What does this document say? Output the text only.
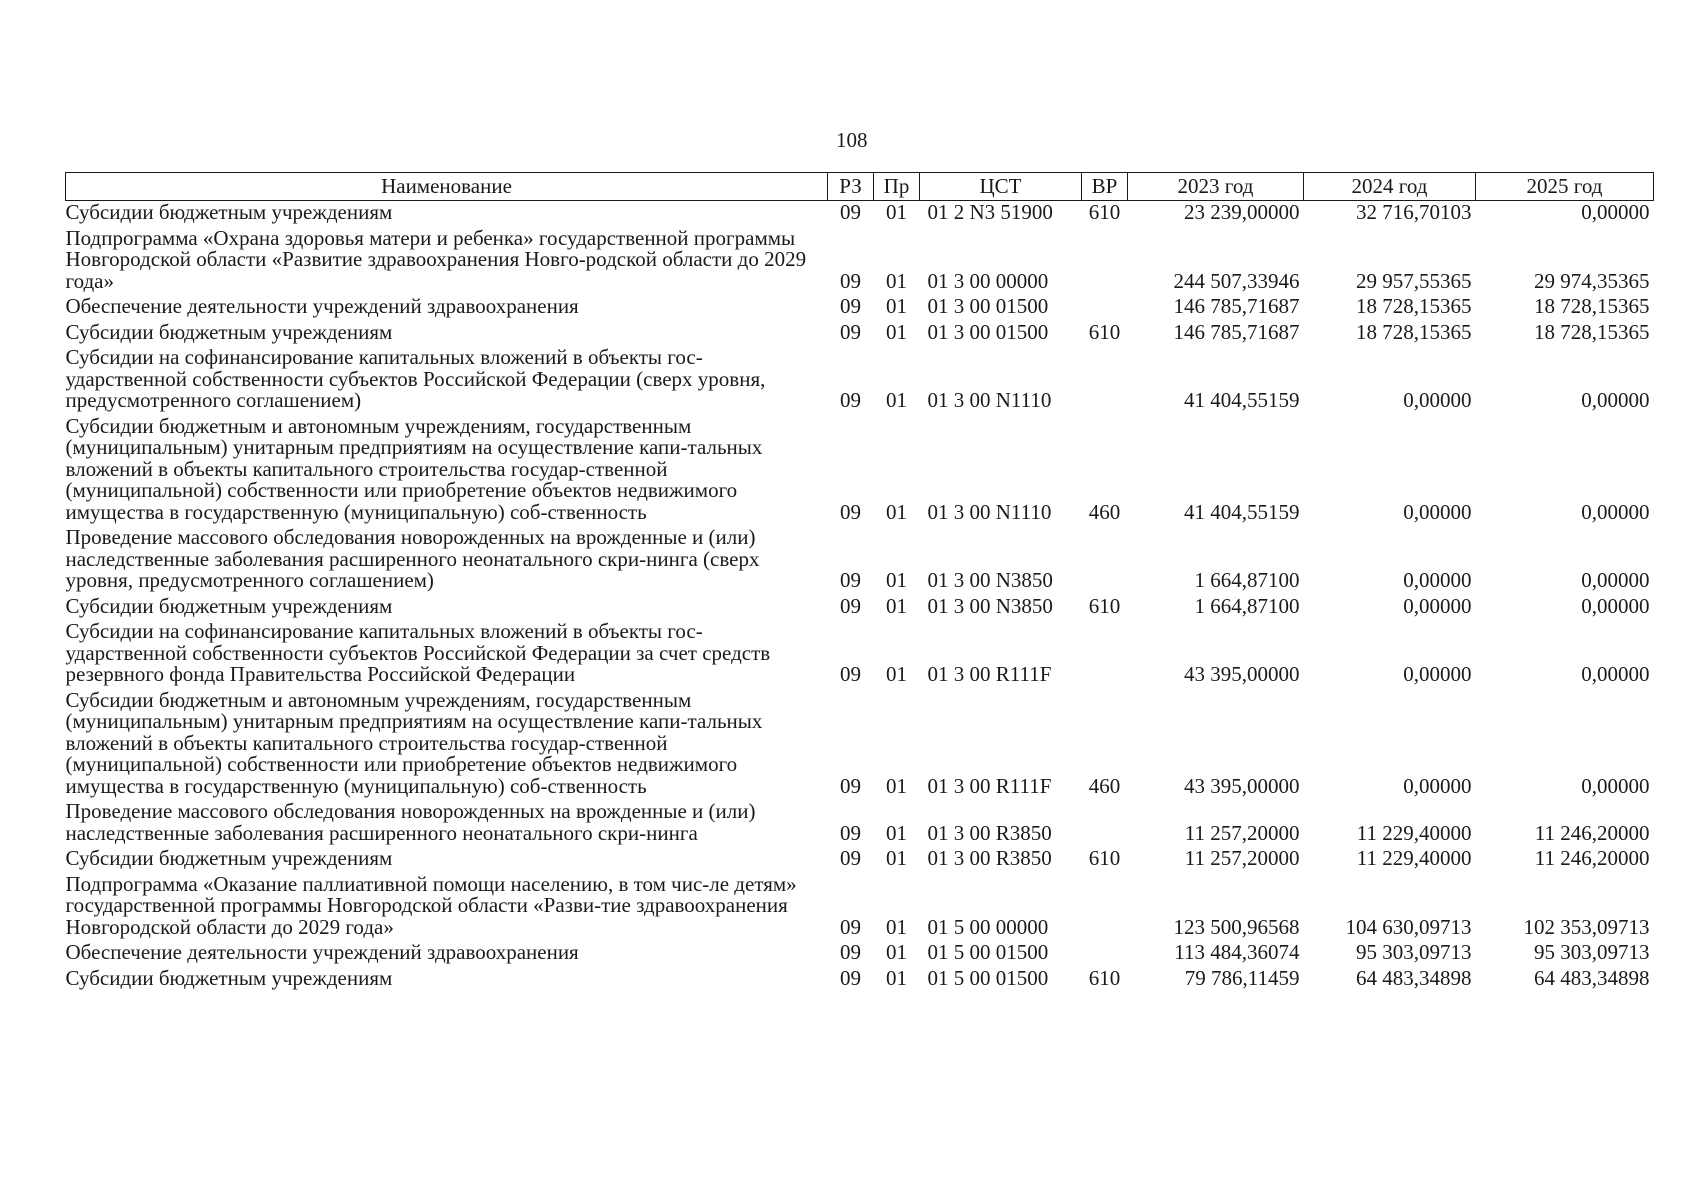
108
Наименование	РЗ	Пр	ЦСТ	ВР	2023 год	2024 год	2025 год
Субсидии бюджетным учреждениям	09	01	01 2 N3 51900	610	23 239,00000	32 716,70103	0,00000
Подпрограмма «Охрана здоровья матери и ребенка» государственной программы Новгородской области «Развитие здравоохранения Новго-родской области до 2029 года»	09	01	01 3 00 00000		244 507,33946	29 957,55365	29 974,35365
Обеспечение деятельности учреждений здравоохранения	09	01	01 3 00 01500		146 785,71687	18 728,15365	18 728,15365
Субсидии бюджетным учреждениям	09	01	01 3 00 01500	610	146 785,71687	18 728,15365	18 728,15365
Субсидии на софинансирование капитальных вложений в объекты гос-ударственной собственности субъектов Российской Федерации (сверх уровня, предусмотренного соглашением)	09	01	01 3 00 N1110		41 404,55159	0,00000	0,00000
Субсидии бюджетным и автономным учреждениям, государственным (муниципальным) унитарным предприятиям на осуществление капи-тальных вложений в объекты капитального строительства государ-ственной (муниципальной) собственности или приобретение объектов недвижимого имущества в государственную (муниципальную) соб-ственность	09	01	01 3 00 N1110	460	41 404,55159	0,00000	0,00000
Проведение массового обследования новорожденных на врожденные и (или) наследственные заболевания расширенного неонатального скри-нинга (сверх уровня, предусмотренного соглашением)	09	01	01 3 00 N3850		1 664,87100	0,00000	0,00000
Субсидии бюджетным учреждениям	09	01	01 3 00 N3850	610	1 664,87100	0,00000	0,00000
Субсидии на софинансирование капитальных вложений в объекты гос-ударственной собственности субъектов Российской Федерации за счет средств резервного фонда Правительства Российской Федерации	09	01	01 3 00 R111F		43 395,00000	0,00000	0,00000
Субсидии бюджетным и автономным учреждениям, государственным (муниципальным) унитарным предприятиям на осуществление капи-тальных вложений в объекты капитального строительства государ-ственной (муниципальной) собственности или приобретение объектов недвижимого имущества в государственную (муниципальную) соб-ственность	09	01	01 3 00 R111F	460	43 395,00000	0,00000	0,00000
Проведение массового обследования новорожденных на врожденные и (или) наследственные заболевания расширенного неонатального скри-нинга	09	01	01 3 00 R3850		11 257,20000	11 229,40000	11 246,20000
Субсидии бюджетным учреждениям	09	01	01 3 00 R3850	610	11 257,20000	11 229,40000	11 246,20000
Подпрограмма «Оказание паллиативной помощи населению, в том чис-ле детям» государственной программы Новгородской области «Разви-тие здравоохранения Новгородской области до 2029 года»	09	01	01 5 00 00000		123 500,96568	104 630,09713	102 353,09713
Обеспечение деятельности учреждений здравоохранения	09	01	01 5 00 01500		113 484,36074	95 303,09713	95 303,09713
Субсидии бюджетным учреждениям	09	01	01 5 00 01500	610	79 786,11459	64 483,34898	64 483,34898
